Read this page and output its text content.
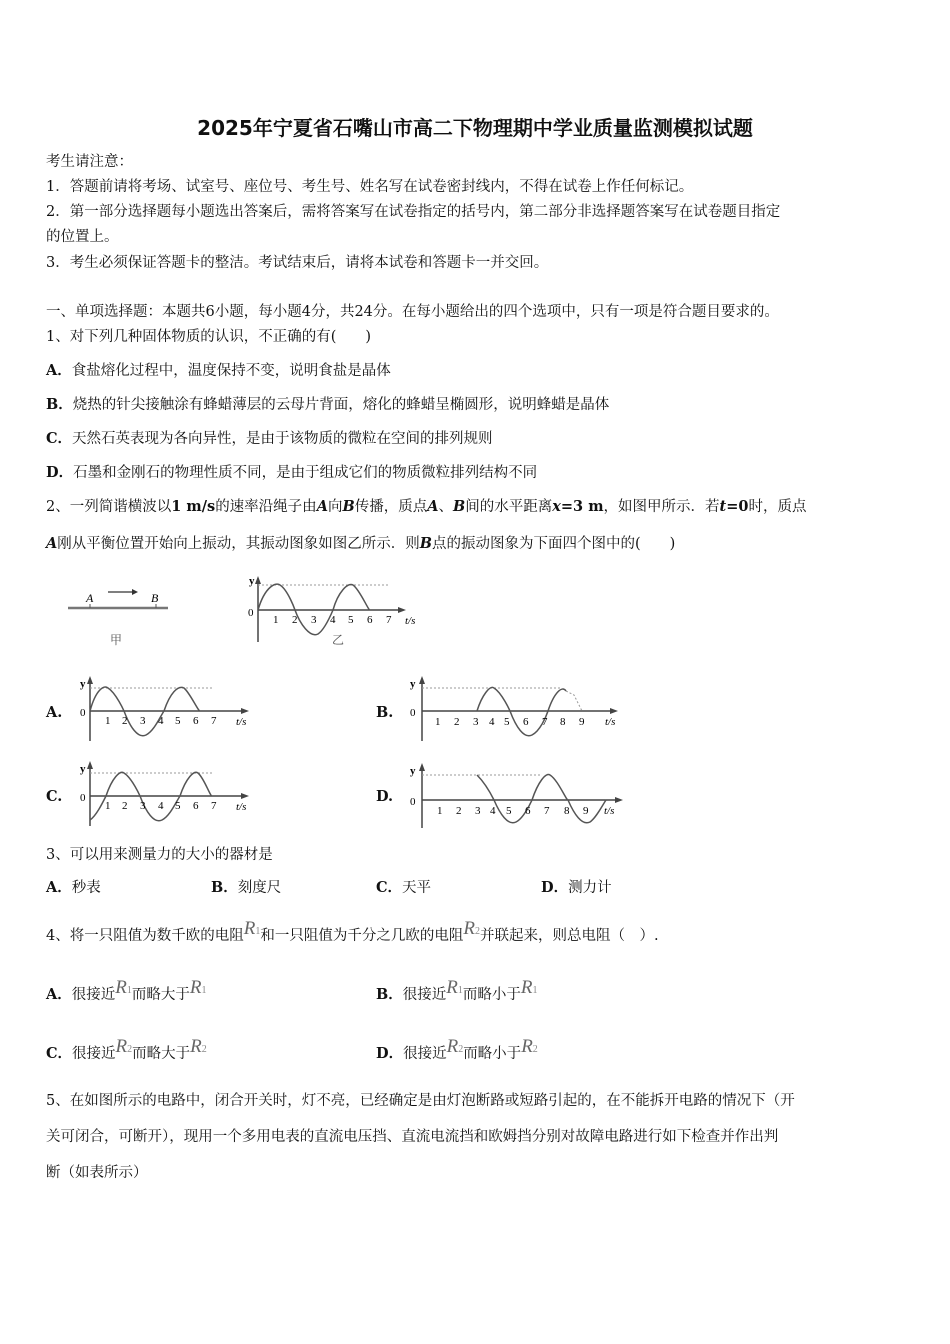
2025年宁夏省石嘴山市高二下物理期中学业质量监测模拟试题
考生请注意：
1．答题前请将考场、试室号、座位号、考生号、姓名写在试卷密封线内，不得在试卷上作任何标记。
2．第一部分选择题每小题选出答案后，需将答案写在试卷指定的括号内，第二部分非选择题答案写在试卷题目指定
的位置上。
3．考生必须保证答题卡的整洁。考试结束后，请将本试卷和答题卡一并交回。
一、单项选择题：本题共6小题，每小题4分，共24分。在每小题给出的四个选项中，只有一项是符合题目要求的。
1、对下列几种固体物质的认识，不正确的有(　　)
A．食盐熔化过程中，温度保持不变，说明食盐是晶体
B．烧热的针尖接触涂有蜂蜡薄层的云母片背面，熔化的蜂蜡呈椭圆形，说明蜂蜡是晶体
C．天然石英表现为各向异性，是由于该物质的微粒在空间的排列规则
D．石墨和金刚石的物理性质不同，是由于组成它们的物质微粒排列结构不同
2、一列简谐横波以1 m/s的速率沿绳子由A向B传播，质点A、B间的水平距离x=3 m，如图甲所示．若t=0时，质点
A刚从平衡位置开始向上振动，其振动图象如图乙所示．则B点的振动图象为下面四个图中的(　　)
A	B
甲
y
0
1 2 3 4 5 6 7 t/s
乙
A.
y
0
1 2 3 4 5 6 7 t/s
B.
y
0
1 2 3 4 5 6 7 8 9 t/s
C.
y
0
1 2 3 4 5 6 7 t/s
D.
y
0
1 2 3 4 5 6 7 8 9 t/s
3、可以用来测量力的大小的器材是
A．秒表	B．刻度尺	C．天平	D．测力计
4、将一只阻值为数千欧的电阻R1和一只阻值为千分之几欧的电阻R2并联起来，则总电阻（　）.
A．很接近R1而略大于R1	B．很接近R1而略小于R1
C．很接近R2而略大于R2	D．很接近R2而略小于R2
5、在如图所示的电路中，闭合开关时，灯不亮，已经确定是由灯泡断路或短路引起的，在不能拆开电路的情况下（开
关可闭合，可断开），现用一个多用电表的直流电压挡、直流电流挡和欧姆挡分别对故障电路进行如下检查并作出判
断（如表所示）
